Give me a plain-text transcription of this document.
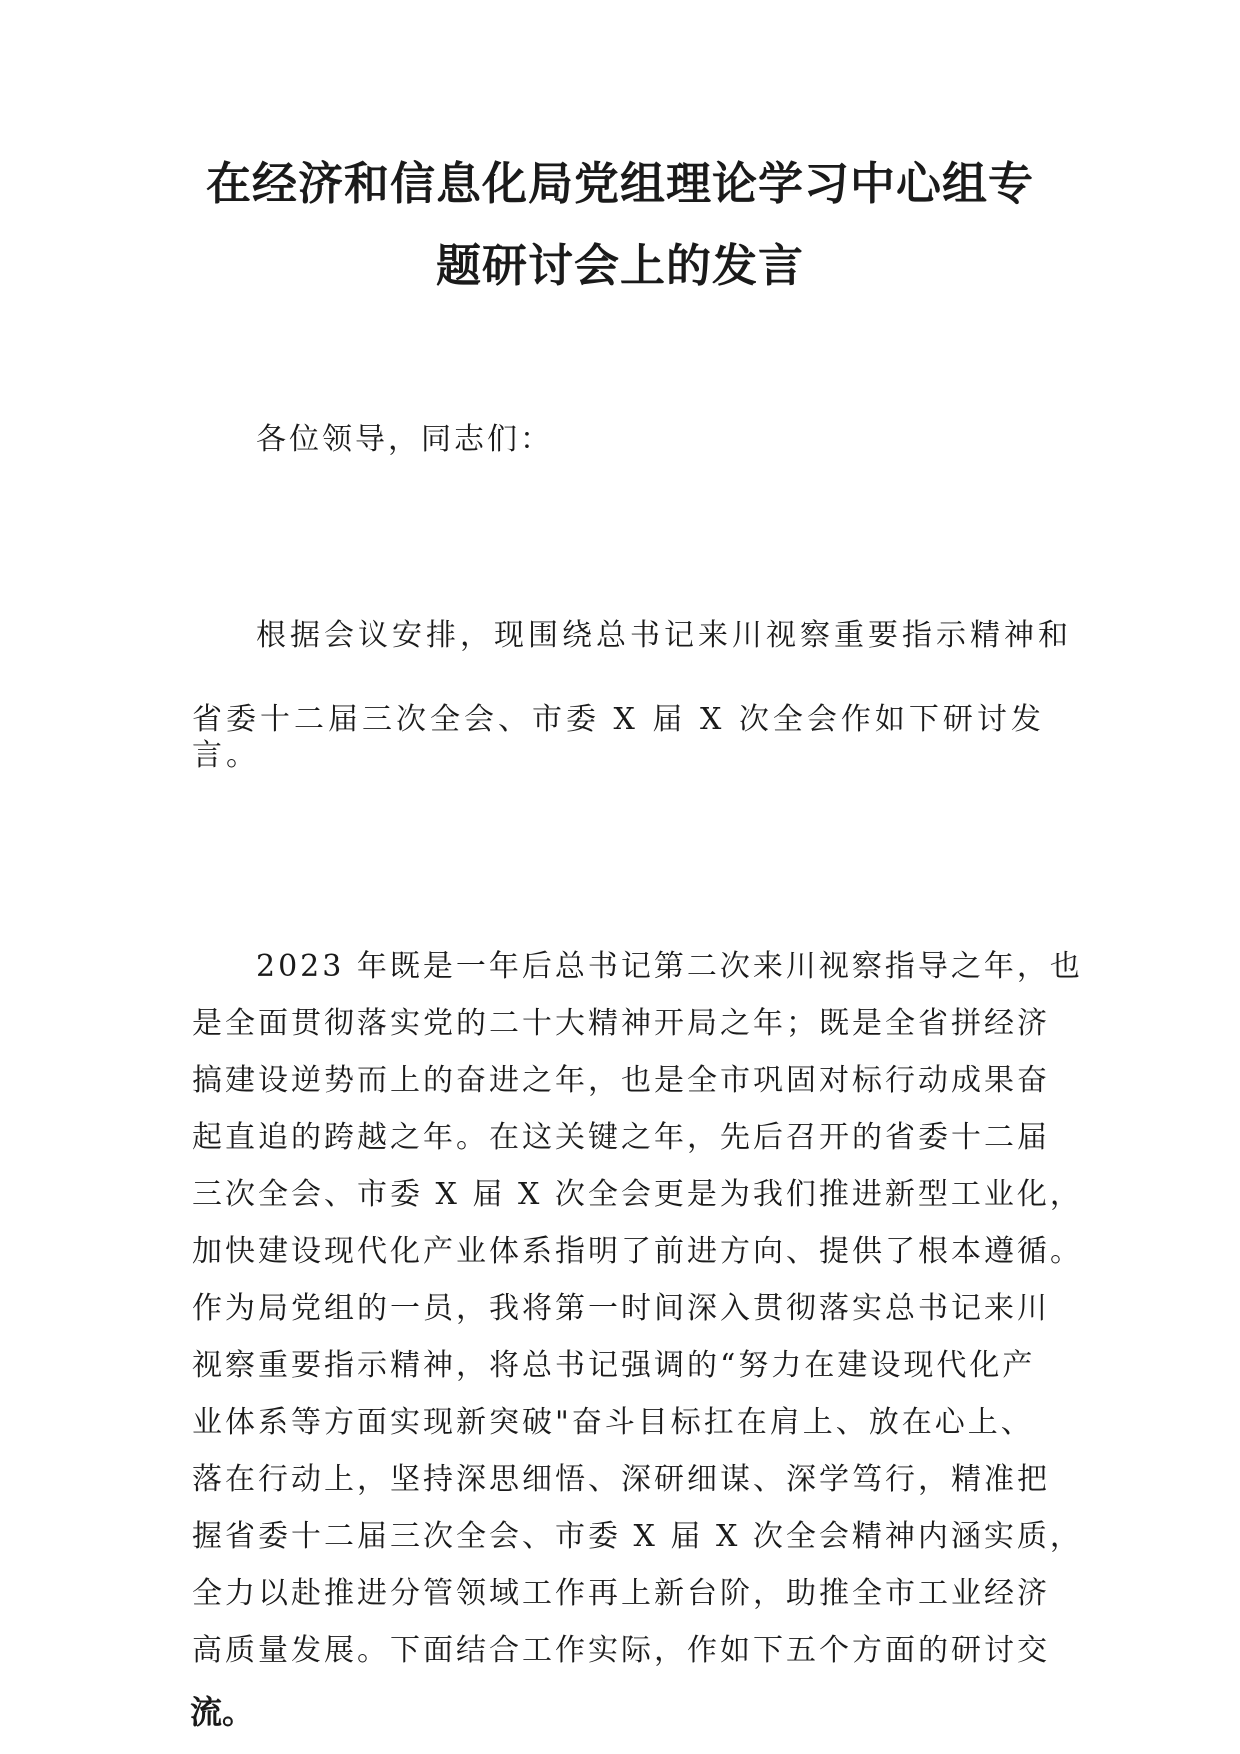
在经济和信息化局党组理论学习中心组专
题研讨会上的发言
各位领导，同志们：
根据会议安排，现围绕总书记来川视察重要指示精神和
省委十二届三次全会、市委 X 届 X 次全会作如下研讨发
言。
2023 年既是一年后总书记第二次来川视察指导之年，也
是全面贯彻落实党的二十大精神开局之年；既是全省拼经济
搞建设逆势而上的奋进之年，也是全市巩固对标行动成果奋
起直追的跨越之年。在这关键之年，先后召开的省委十二届
三次全会、市委 X 届 X 次全会更是为我们推进新型工业化，
加快建设现代化产业体系指明了前进方向、提供了根本遵循。
作为局党组的一员，我将第一时间深入贯彻落实总书记来川
视察重要指示精神，将总书记强调的“努力在建设现代化产
业体系等方面实现新突破"奋斗目标扛在肩上、放在心上、
落在行动上，坚持深思细悟、深研细谋、深学笃行，精准把
握省委十二届三次全会、市委 X 届 X 次全会精神内涵实质，
全力以赴推进分管领域工作再上新台阶，助推全市工业经济
高质量发展。下面结合工作实际，作如下五个方面的研讨交
流。
